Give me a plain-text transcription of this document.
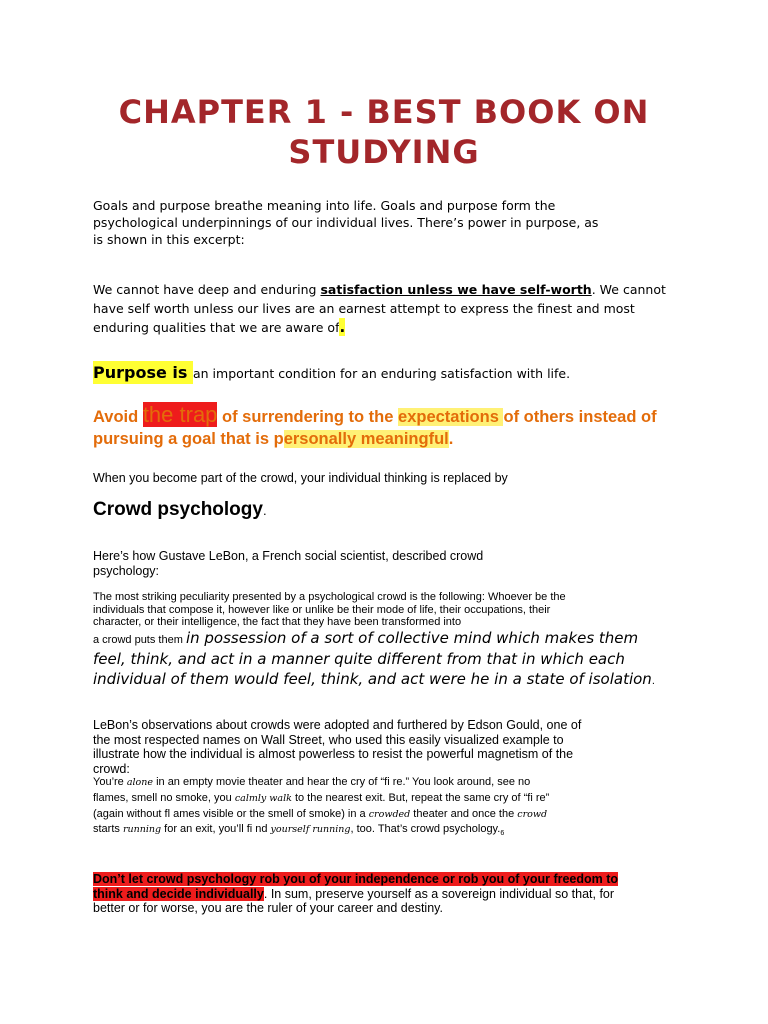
CHAPTER 1 - BEST BOOK ON
STUDYING
Goals and purpose breathe meaning into life. Goals and purpose form the psychological underpinnings of our individual lives. There’s power in purpose, as is shown in this excerpt:
We cannot have deep and enduring satisfaction unless we have self-worth. We cannot have self worth unless our lives are an earnest attempt to express the finest and most enduring qualities that we are aware of.
Purpose is an important condition for an enduring satisfaction with life.
Avoid the trap of surrendering to the expectations of others instead of pursuing a goal that is personally meaningful.
When you become part of the crowd, your individual thinking is replaced by
Crowd psychology.
Here’s how Gustave LeBon, a French social scientist, described crowd psychology:
The most striking peculiarity presented by a psychological crowd is the following: Whoever be the individuals that compose it, however like or unlike be their mode of life, their occupations, their character, or their intelligence, the fact that they have been transformed into
a crowd puts them in possession of a sort of collective mind which makes them feel, think, and act in a manner quite different from that in which each individual of them would feel, think, and act were he in a state of isolation.
LeBon’s observations about crowds were adopted and furthered by Edson Gould, one of the most respected names on Wall Street, who used this easily visualized example to illustrate how the individual is almost powerless to resist the powerful magnetism of the crowd:
You’re alone in an empty movie theater and hear the cry of “fi re.” You look around, see no flames, smell no smoke, you calmly walk to the nearest exit. But, repeat the same cry of “fi re” (again without fl ames visible or the smell of smoke) in a crowded theater and once the crowd starts running for an exit, you’ll fi nd yourself running, too. That’s crowd $psychology._6$
Don’t let crowd psychology rob you of your independence or rob you of your freedom to think and decide individually. In sum, preserve yourself as a sovereign individual so that, for better or for worse, you are the ruler of your career and destiny.
